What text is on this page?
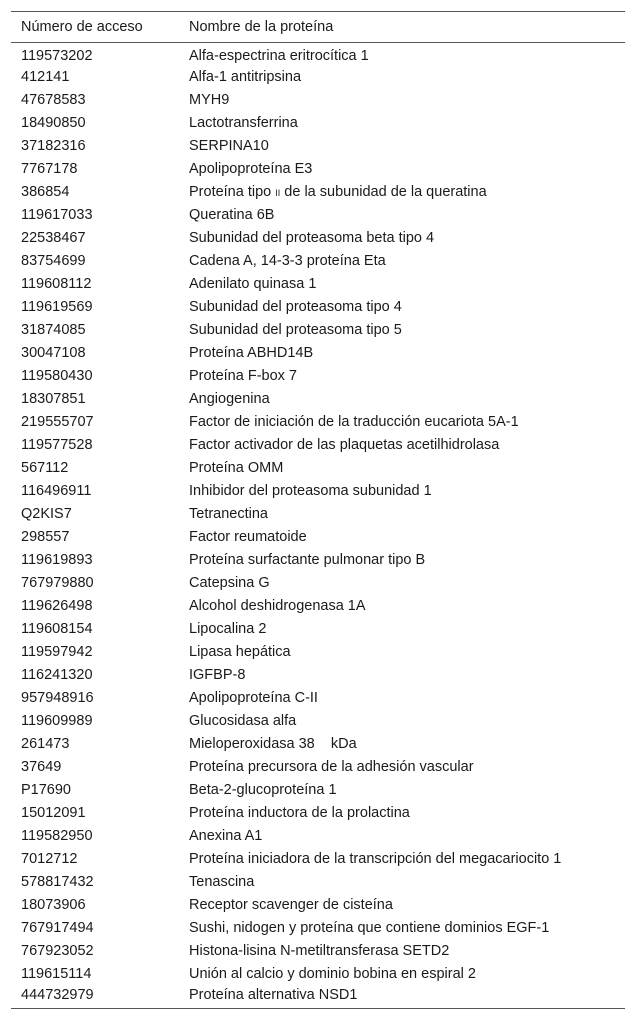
Número de acceso	Nombre de la proteína
119573202	Alfa-espectrina eritrocítica 1
412141	Alfa-1 antitripsina
47678583	MYH9
18490850	Lactotransferrina
37182316	SERPINA10
7767178	Apolipoproteína E3
386854	Proteína tipo II de la subunidad de la queratina
119617033	Queratina 6B
22538467	Subunidad del proteasoma beta tipo 4
83754699	Cadena A, 14-3-3 proteína Eta
119608112	Adenilato quinasa 1
119619569	Subunidad del proteasoma tipo 4
31874085	Subunidad del proteasoma tipo 5
30047108	Proteína ABHD14B
119580430	Proteína F-box 7
18307851	Angiogenina
219555707	Factor de iniciación de la traducción eucariota 5A-1
119577528	Factor activador de las plaquetas acetilhidrolasa
567112	Proteína OMM
116496911	Inhibidor del proteasoma subunidad 1
Q2KIS7	Tetranectina
298557	Factor reumatoide
119619893	Proteína surfactante pulmonar tipo B
767979880	Catepsina G
119626498	Alcohol deshidrogenasa 1A
119608154	Lipocalina 2
119597942	Lipasa hepática
116241320	IGFBP-8
957948916	Apolipoproteína C-II
119609989	Glucosidasa alfa
261473	Mieloperoxidasa 38    kDa
37649	Proteína precursora de la adhesión vascular
P17690	Beta-2-glucoproteína 1
15012091	Proteína inductora de la prolactina
119582950	Anexina A1
7012712	Proteína iniciadora de la transcripción del megacariocito 1
578817432	Tenascina
18073906	Receptor scavenger de cisteína
767917494	Sushi, nidogen y proteína que contiene dominios EGF-1
767923052	Histona-lisina N-metiltransferasa SETD2
119615114	Unión al calcio y dominio bobina en espiral 2
444732979	Proteína alternativa NSD1
